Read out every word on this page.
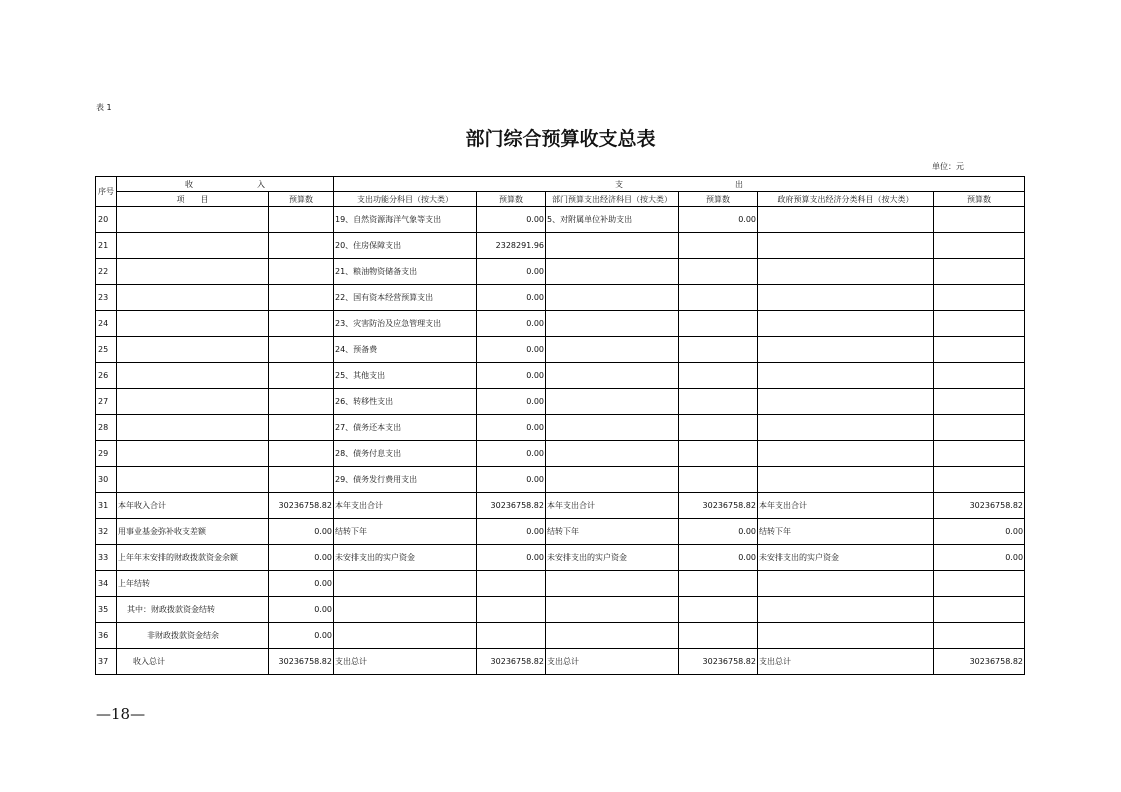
表 1
部门综合预算收支总表
单位：元
序号	收　　　　　　　　入		支　　　　　　　　　　　　　　出					
	项　　目	预算数	支出功能分科目（按大类）	预算数	部门预算支出经济科目（按大类）	预算数	政府预算支出经济分类科目（按大类）	预算数
20			19、自然资源海洋气象等支出	0.00	5、对附属单位补助支出	0.00		
21			20、住房保障支出	2328291.96				
22			21、粮油物资储备支出	0.00				
23			22、国有资本经营预算支出	0.00				
24			23、灾害防治及应急管理支出	0.00				
25			24、预备费	0.00				
26			25、其他支出	0.00				
27			26、转移性支出	0.00				
28			27、债务还本支出	0.00				
29			28、债务付息支出	0.00				
30			29、债务发行费用支出	0.00				
31	本年收入合计	30236758.82	本年支出合计	30236758.82	本年支出合计	30236758.82	本年支出合计	30236758.82
32	用事业基金弥补收支差额	0.00	结转下年	0.00	结转下年	0.00	结转下年	0.00
33	上年年末安排的财政拨款资金余额	0.00	未安排支出的实户资金	0.00	未安排支出的实户资金	0.00	未安排支出的实户资金	0.00
34	上年结转	0.00						
35	其中：财政拨款资金结转	0.00						
36	非财政拨款资金结余	0.00						
37	收入总计	30236758.82	支出总计	30236758.82	支出总计	30236758.82	支出总计	30236758.82
—18—
